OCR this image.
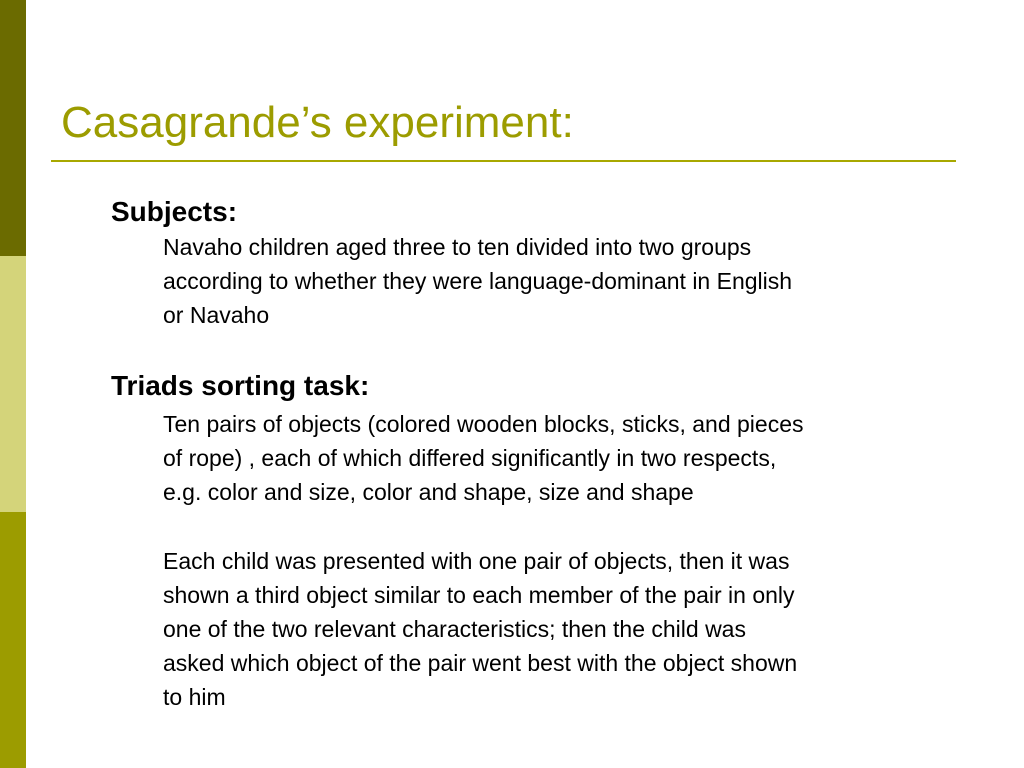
Casagrande’s experiment:
Subjects:

Navaho children aged three to ten divided into two groups
according to whether they were language-dominant in English
or Navaho

Triads sorting task:

Ten pairs of objects (colored wooden blocks, sticks, and pieces
of rope) , each of which differed significantly in two respects,
e.g. color and size, color and shape, size and shape

Each child was presented with one pair of objects, then it was
shown a third object similar to each member of the pair in only
one of the two relevant characteristics; then the child was
asked which object of the pair went best with the object shown
to him
